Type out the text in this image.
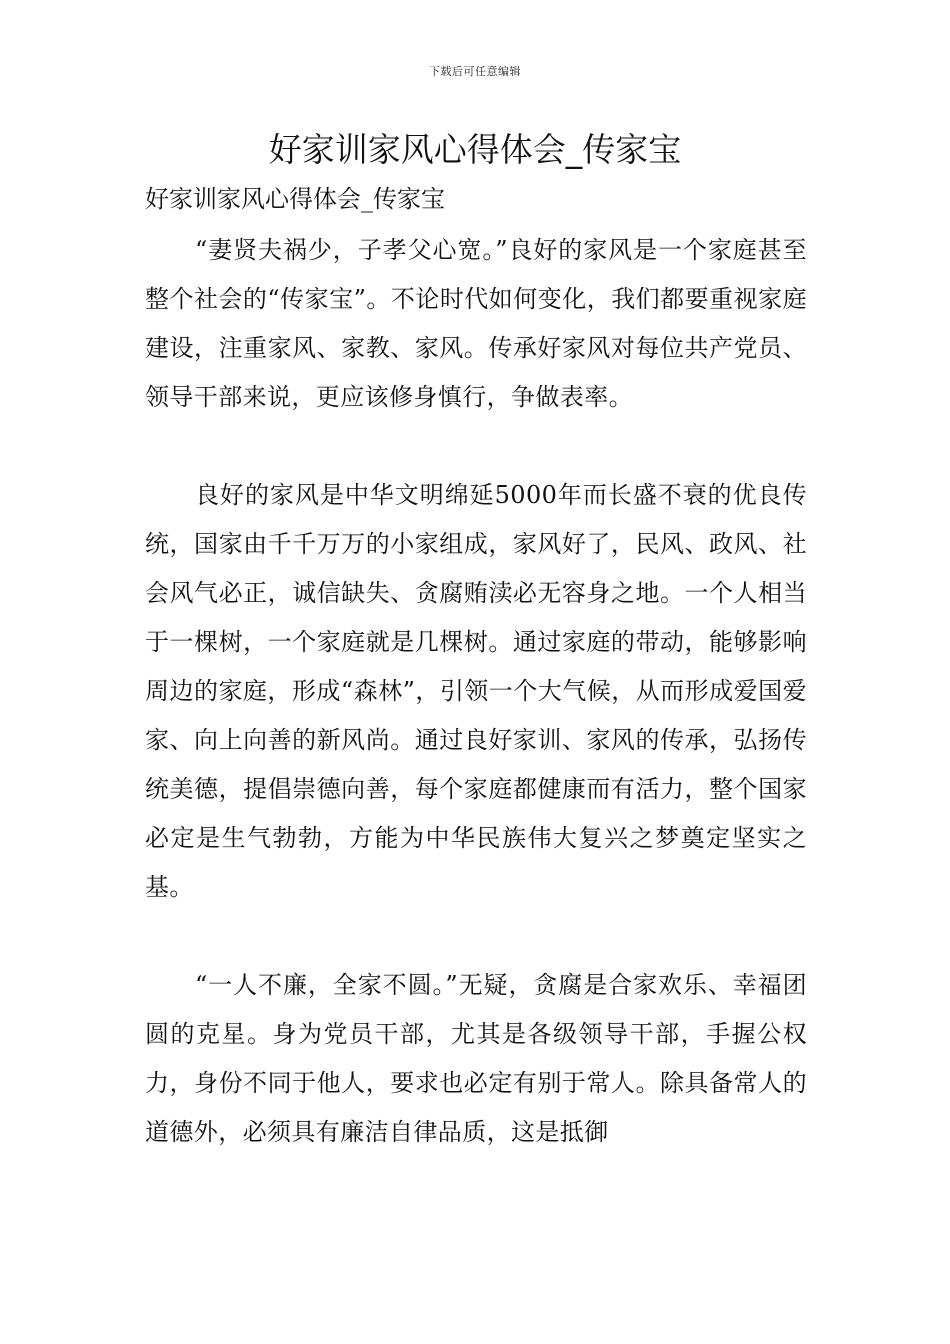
下载后可任意编辑
好家训家风心得体会_传家宝

好家训家风心得体会_传家宝

“妻贤夫祸少，子孝父心宽。”良好的家风是一个家庭甚至整个社会的“传家宝”。不论时代如何变化，我们都要重视家庭建设，注重家风、家教、家风。传承好家风对每位共产党员、领导干部来说，更应该修身慎行，争做表率。

良好的家风是中华文明绵延5000年而长盛不衰的优良传统，国家由千千万万的小家组成，家风好了，民风、政风、社会风气必正，诚信缺失、贪腐贿渎必无容身之地。一个人相当于一棵树，一个家庭就是几棵树。通过家庭的带动，能够影响周边的家庭，形成“森林”，引领一个大气候，从而形成爱国爱家、向上向善的新风尚。通过良好家训、家风的传承，弘扬传统美德，提倡崇德向善，每个家庭都健康而有活力，整个国家必定是生气勃勃，方能为中华民族伟大复兴之梦奠定坚实之基。

“一人不廉，全家不圆。”无疑，贪腐是合家欢乐、幸福团圆的克星。身为党员干部，尤其是各级领导干部，手握公权力，身份不同于他人，要求也必定有别于常人。除具备常人的道德外，必须具有廉洁自律品质，这是抵御
